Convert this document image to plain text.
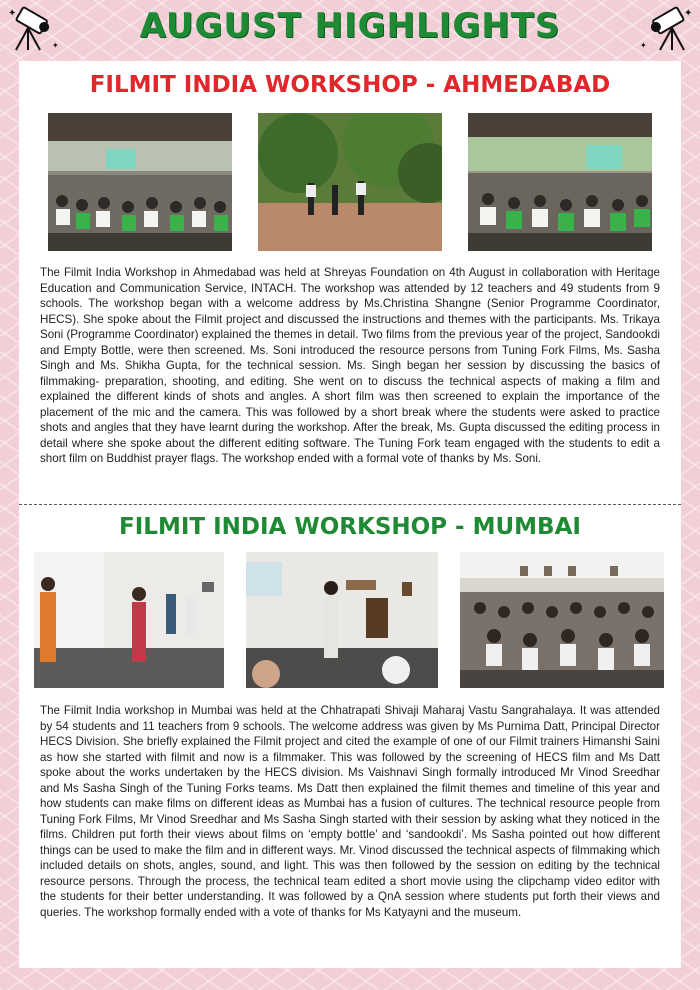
✦
✦
✦
✦
AUGUST HIGHLIGHTS
FILMIT INDIA WORKSHOP - AHMEDABAD

The Filmit India Workshop in Ahmedabad was held at Shreyas Foundation on 4th August in collaboration with Heritage Education and Communication Service, INTACH. The workshop was attended by 12 teachers and 49 students from 9 schools. The workshop began with a welcome address by Ms.Christina Shangne (Senior Programme Coordinator, HECS). She spoke about the Filmit project and discussed the instructions and themes with the participants. Ms. Trikaya Soni (Programme Coordinator) explained the themes in detail. Two films from the previous year of the project, Sandookdi and Empty Bottle, were then screened. Ms. Soni introduced the resource persons from Tuning Fork Films, Ms. Sasha Singh and Ms. Shikha Gupta, for the technical session. Ms. Singh began her session by discussing the basics of filmmaking- preparation, shooting, and editing. She went on to discuss the technical aspects of making a film and explained the different kinds of shots and angles. A short film was then screened to explain the importance of the placement of the mic and the camera. This was followed by a short break where the students were asked to practice shots and angles that they have learnt during the workshop. After the break, Ms. Gupta discussed the editing process in detail where she spoke about the different editing software. The Tuning Fork team engaged with the students to edit a short film on Buddhist prayer flags. The workshop ended with a formal vote of thanks by Ms. Soni.

FILMIT INDIA WORKSHOP - MUMBAI

The Filmit India workshop in Mumbai was held at the Chhatrapati Shivaji Maharaj Vastu Sangrahalaya. It was attended by 54 students and 11 teachers from 9 schools. The welcome address was given by Ms Purnima Datt, Principal Director HECS Division. She briefly explained the Filmit project and cited the example of one of our Filmit trainers Himanshi Saini as how she started with filmit and now is a filmmaker. This was followed by the screening of HECS film and Ms Datt spoke about the works undertaken by the HECS division. Ms Vaishnavi Singh formally introduced Mr Vinod Sreedhar and Ms Sasha Singh of the Tuning Forks teams. Ms Datt then explained the filmit themes and timeline of this year and how students can make films on different ideas as Mumbai has a fusion of cultures. The technical resource people from Tuning Fork Films, Mr Vinod Sreedhar and Ms Sasha Singh started with their session by asking what they noticed in the films. Children put forth their views about films on ‘empty bottle’ and ‘sandookdi’. Ms Sasha pointed out how different things can be used to make the film and in different ways. Mr. Vinod discussed the technical aspects of filmmaking which included details on shots, angles, sound, and light. This was then followed by the session on editing by the technical resource persons. Through the process, the technical team edited a short movie using the clipchamp video editor with the students for their better understanding. It was followed by a QnA session where students put forth their views and queries. The workshop formally ended with a vote of thanks for Ms Katyayni and the museum.
